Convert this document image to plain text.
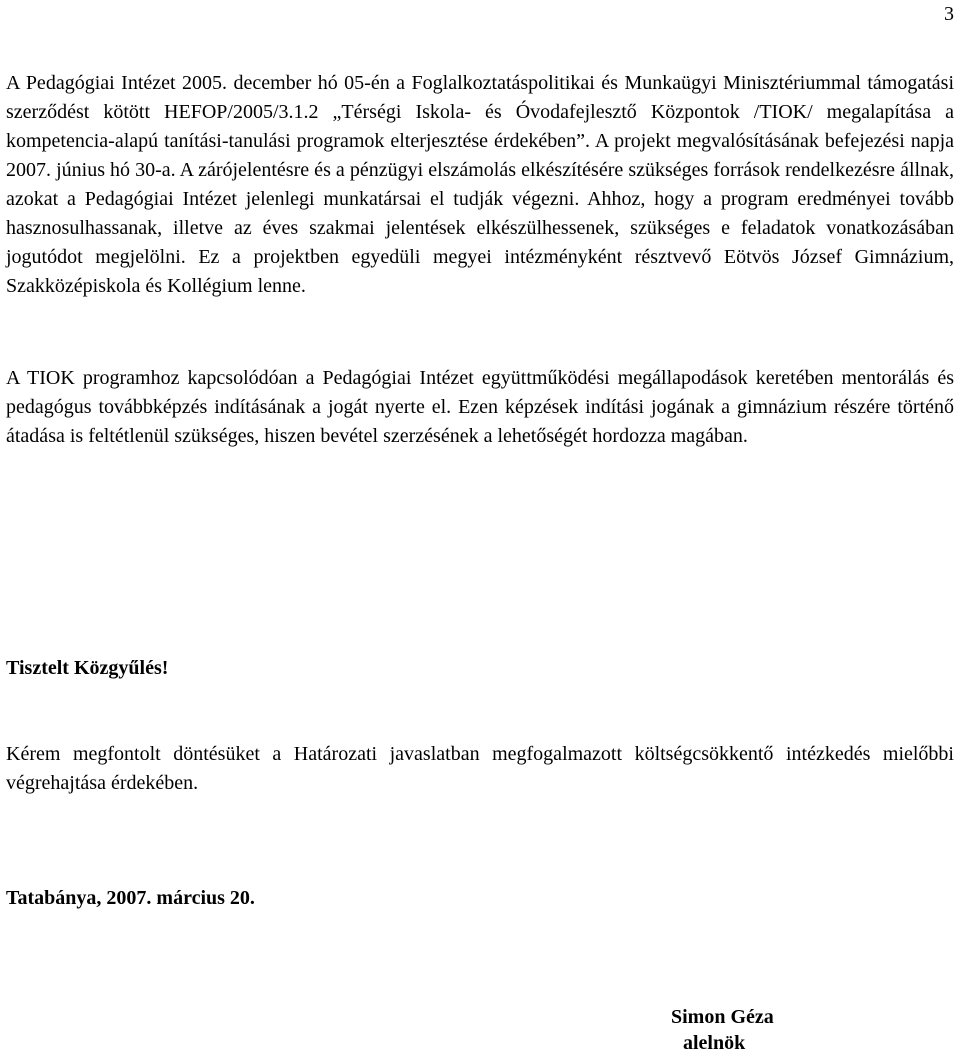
3

A Pedagógiai Intézet 2005. december hó 05-én a Foglalkoztatáspolitikai és Munkaügyi Minisztériummal támogatási szerződést kötött HEFOP/2005/3.1.2 „Térségi Iskola- és Óvodafejlesztő Központok /TIOK/ megalapítása a kompetencia-alapú tanítási-tanulási programok elterjesztése érdekében”. A projekt megvalósításának befejezési napja 2007. június hó 30-a. A zárójelentésre és a pénzügyi elszámolás elkészítésére szükséges források rendelkezésre állnak, azokat a Pedagógiai Intézet jelenlegi munkatársai el tudják végezni. Ahhoz, hogy a program eredményei tovább hasznosulhassanak, illetve az éves szakmai jelentések elkészülhessenek, szükséges e feladatok vonatkozásában jogutódot megjelölni. Ez a projektben egyedüli megyei intézményként résztvevő Eötvös József Gimnázium, Szakközépiskola és Kollégium lenne.

A TIOK programhoz kapcsolódóan a Pedagógiai Intézet együttműködési megállapodások keretében mentorálás és pedagógus továbbképzés indításának a jogát nyerte el. Ezen képzések indítási jogának a gimnázium részére történő átadása is feltétlenül szükséges, hiszen bevétel szerzésének a lehetőségét hordozza magában.

Tisztelt Közgyűlés!

Kérem megfontolt döntésüket a Határozati javaslatban megfogalmazott költségcsökkentő intézkedés mielőbbi végrehajtása érdekében.

Tatabánya, 2007. március 20.

Simon Géza
alelnök
